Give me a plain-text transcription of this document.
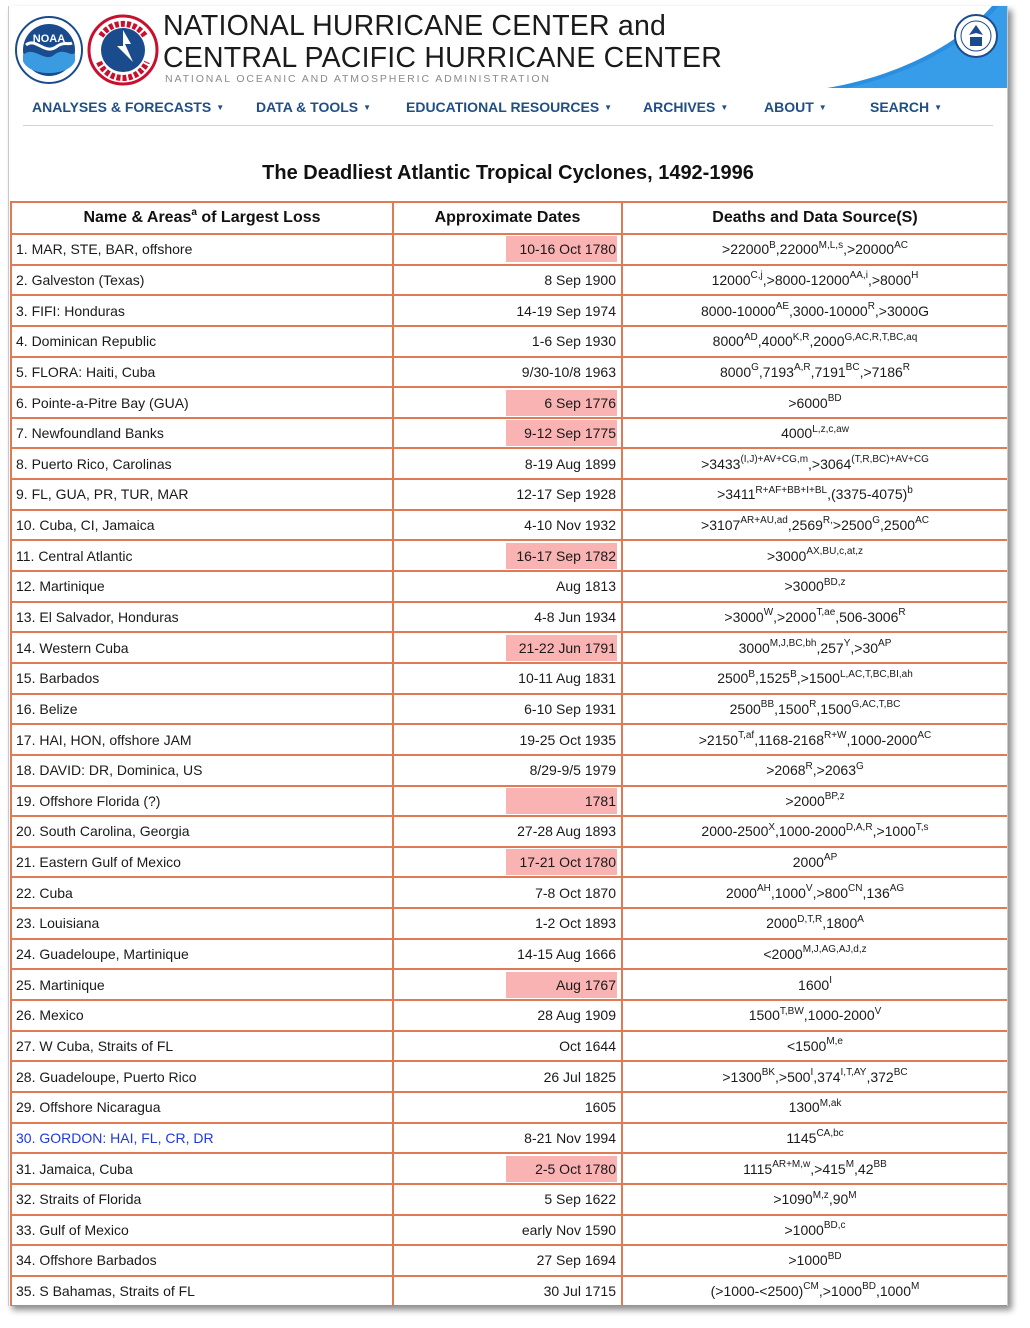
NOAA	NATIONAL HURRICANE CENTER and
CENTRAL PACIFIC HURRICANE CENTER
NATIONAL OCEANIC AND ATMOSPHERIC ADMINISTRATION
ANALYSES & FORECASTS ▼ DATA & TOOLS ▼ EDUCATIONAL RESOURCES ▼ ARCHIVES ▼	ABOUT ▼	SEARCH ▼
The Deadliest Atlantic Tropical Cyclones, 1492-1996
Name & Areas$^a$ of Largest Loss	Approximate Dates	Deaths and Data Source(S)
1. MAR, STE, BAR, offshore	10-16 Oct 1780	$>22000^B,22000^{M,L,s},>20000^{AC}$
2. Galveston (Texas)	8 Sep 1900	$12000^{C,j},>8000-12000^{AA,i},>8000^H$
3. FIFI: Honduras	14-19 Sep 1974	$8000-10000^{AE},3000-10000^R,>3000G$
4. Dominican Republic	1-6 Sep 1930	$8000^{AD},4000^{K,R},2000^{G,AC,R,T,BC,aq}$
5. FLORA: Haiti, Cuba	9/30-10/8 1963	$8000^G,7193^{A,R},7191^{BC},>7186^R$
6. Pointe-a-Pitre Bay (GUA)	6 Sep 1776	$>6000^{BD}$
7. Newfoundland Banks	9-12 Sep 1775	$4000^{L,z,c,aw}$
8. Puerto Rico, Carolinas	8-19 Aug 1899	$>3433^{(I,J)+AV+CG,m},>3064^{(T,R,BC)+AV+CG}$
9. FL, GUA, PR, TUR, MAR	12-17 Sep 1928	$>3411^{R+AF+BB+I+BL},(3375-4075)^b$
10. Cuba, CI, Jamaica	4-10 Nov 1932	$>3107^{AR+AU,ad},2569^{R,}>2500^G,2500^{AC}$
11. Central Atlantic	16-17 Sep 1782	$>3000^{AX,BU,c,at,z}$
12. Martinique	Aug 1813	$>3000^{BD,z}$
13. El Salvador, Honduras	4-8 Jun 1934	$>3000^W,>2000^{T,ae},506-3006^R$
14. Western Cuba	21-22 Jun 1791	$3000^{M,J,BC,bh},257^Y,>30^{AP}$
15. Barbados	10-11 Aug 1831	$2500^B,1525^B,>1500^{L,AC,T,BC,BI,ah}$
16. Belize	6-10 Sep 1931	$2500^{BB},1500^R,1500^{G,AC,T,BC}$
17. HAI, HON, offshore JAM	19-25 Oct 1935	$>2150^{T,af},1168-2168^{R+W},1000-2000^{AC}$
18. DAVID: DR, Dominica, US	8/29-9/5 1979	$>2068^R,>2063^G$
19. Offshore Florida (?)	1781	$>2000^{BP,z}$
20. South Carolina, Georgia	27-28 Aug 1893	$2000-2500^X,1000-2000^{D,A,R},>1000^{T,s}$
21. Eastern Gulf of Mexico	17-21 Oct 1780	$2000^{AP}$
22. Cuba	7-8 Oct 1870	$2000^{AH},1000^V,>800^{CN},136^{AG}$
23. Louisiana	1-2 Oct 1893	$2000^{D,T,R},1800^A$
24. Guadeloupe, Martinique	14-15 Aug 1666	$<2000^{M,J,AG,AJ,d,z}$
25. Martinique	Aug 1767	$1600^I$
26. Mexico	28 Aug 1909	$1500^{T,BW},1000-2000^V$
27. W Cuba, Straits of FL	Oct 1644	$<1500^{M,e}$
28. Guadeloupe, Puerto Rico	26 Jul 1825	$>1300^{BK},>500^I,374^{I,T,AY},372^{BC}$
29. Offshore Nicaragua	1605	$1300^{M,ak}$
30. GORDON: HAI, FL, CR, DR	8-21 Nov 1994	$1145^{CA,bc}$
31. Jamaica, Cuba	2-5 Oct 1780	$1115^{AR+M,w},>415^M,42^{BB}$
32. Straits of Florida	5 Sep 1622	$>1090^{M,z},90^M$
33. Gulf of Mexico	early Nov 1590	$>1000^{BD,c}$
34. Offshore Barbados	27 Sep 1694	$>1000^{BD}$
35. S Bahamas, Straits of FL	30 Jul 1715	$(>1000-<2500)^{CM},>1000^{BD},1000^M$
